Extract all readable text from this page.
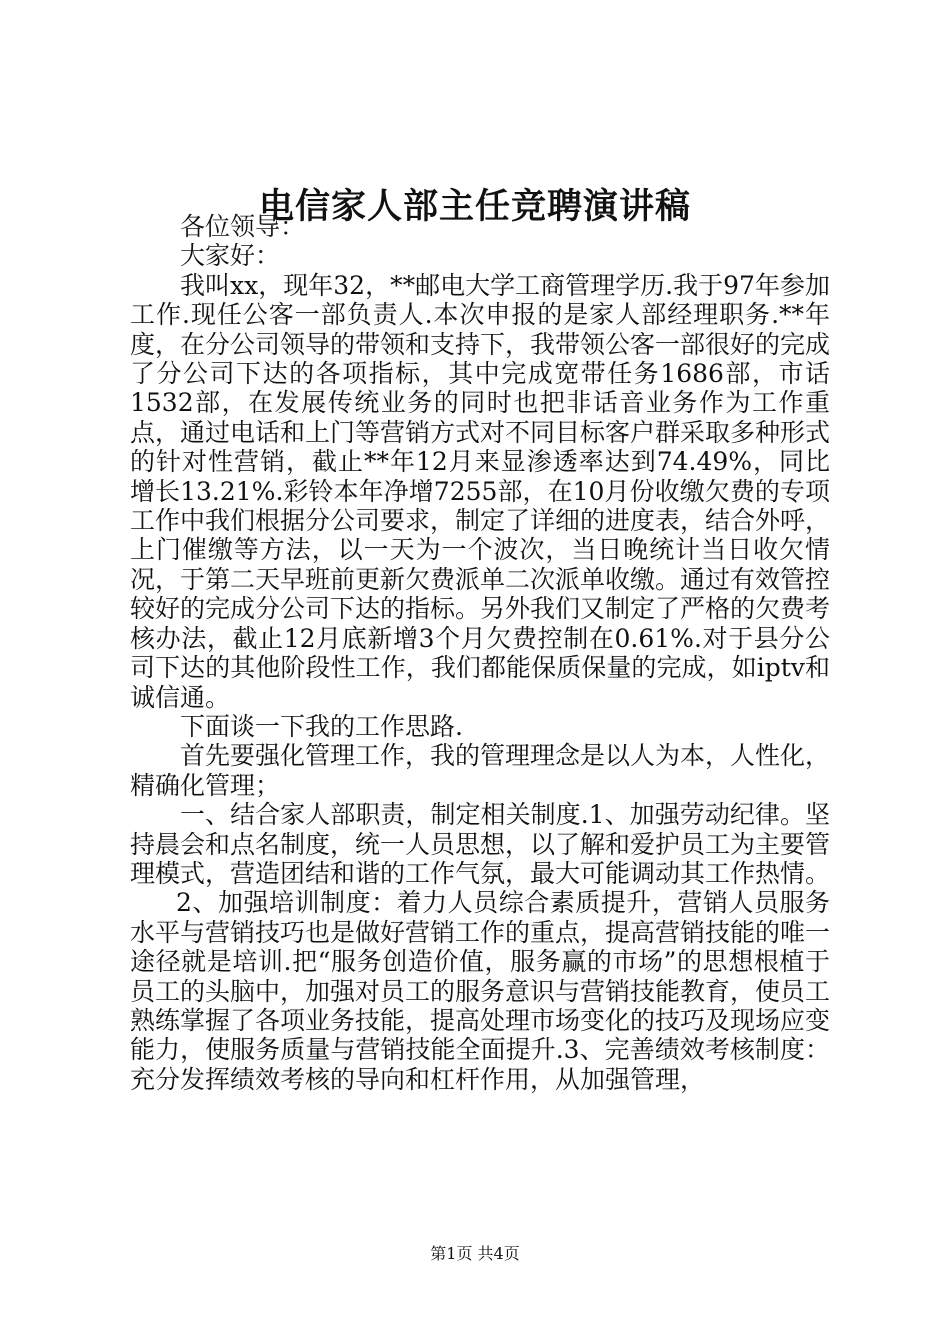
电信家人部主任竞聘演讲稿

各位领导：

大家好：

我叫xx，现年32，**邮电大学工商管理学历.我于97年参加工作.现任公客一部负责人.本次申报的是家人部经理职务.**年度，在分公司领导的带领和支持下，我带领公客一部很好的完成了分公司下达的各项指标，其中完成宽带任务1686部，市话1532部，在发展传统业务的同时也把非话音业务作为工作重点，通过电话和上门等营销方式对不同目标客户群采取多种形式的针对性营销，截止**年12月来显渗透率达到74.49%，同比增长13.21%.彩铃本年净增7255部，在10月份收缴欠费的专项工作中我们根据分公司要求，制定了详细的进度表，结合外呼，上门催缴等方法，以一天为一个波次，当日晚统计当日收欠情况，于第二天早班前更新欠费派单二次派单收缴。通过有效管控较好的完成分公司下达的指标。另外我们又制定了严格的欠费考核办法，截止12月底新增3个月欠费控制在0.61%.对于县分公司下达的其他阶段性工作，我们都能保质保量的完成，如iptv和诚信通。

下面谈一下我的工作思路.

首先要强化管理工作，我的管理理念是以人为本，人性化，精确化管理；

一、结合家人部职责，制定相关制度.1、加强劳动纪律。坚持晨会和点名制度，统一人员思想，以了解和爱护员工为主要管理模式，营造团结和谐的工作气氛，最大可能调动其工作热情。

2、加强培训制度：着力人员综合素质提升，营销人员服务水平与营销技巧也是做好营销工作的重点，提高营销技能的唯一途径就是培训.把“服务创造价值，服务赢的市场”的思想根植于员工的头脑中，加强对员工的服务意识与营销技能教育，使员工熟练掌握了各项业务技能，提高处理市场变化的技巧及现场应变能力，使服务质量与营销技能全面提升.3、完善绩效考核制度：充分发挥绩效考核的导向和杠杆作用，从加强管理，

第1页 共4页
